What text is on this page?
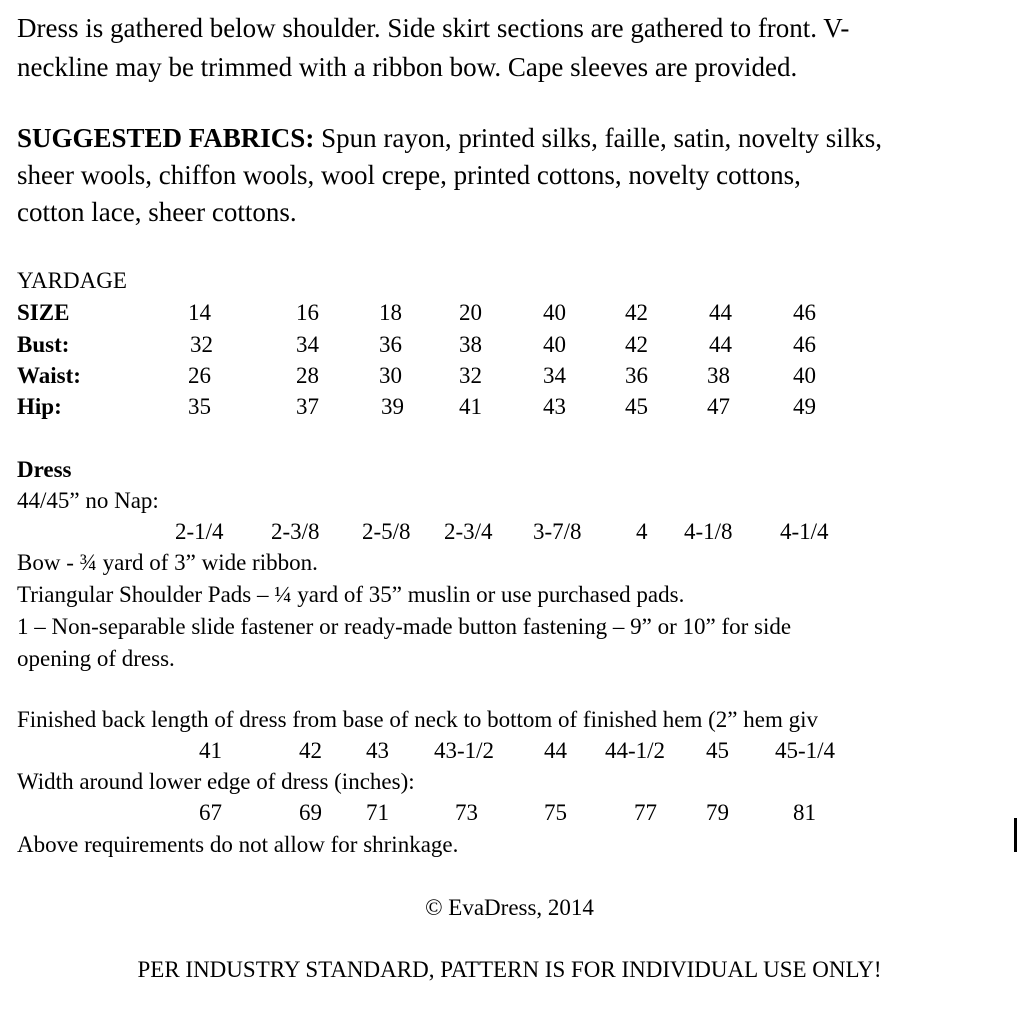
Dress is gathered below shoulder. Side skirt sections are gathered to front. V-
neckline may be trimmed with a ribbon bow. Cape sleeves are provided.
SUGGESTED FABRICS: Spun rayon, printed silks, faille, satin, novelty silks,
sheer wools, chiffon wools, wool crepe, printed cottons, novelty cottons,
cotton lace, sheer cottons.
YARDAGE
SIZE	14	16	18 20	40	42	44	46
Bust:	32	34	36 38	40	42	44	46
Waist:	26	28	30 32	34	36	38	40
Hip:	35	37	39 41	43	45	47	49
Dress
44/45” no Nap:
2-1/4 2-3/8 2-5/8 2-3/4 3-7/8 4 4-1/8 4-1/4
Bow - ¾ yard of 3” wide ribbon.
Triangular Shoulder Pads – ¼ yard of 35” muslin or use purchased pads.
1 – Non-separable slide fastener or ready-made button fastening – 9” or 10” for side
opening of dress.
Finished back length of dress from base of neck to bottom of finished hem (2” hem giv
41	42 43 43-1/2 44 44-1/2 45 45-1/4
Width around lower edge of dress (inches):
67	69 71	73	75	77 79	81
Above requirements do not allow for shrinkage.
© EvaDress, 2014
PER INDUSTRY STANDARD, PATTERN IS FOR INDIVIDUAL USE ONLY!
